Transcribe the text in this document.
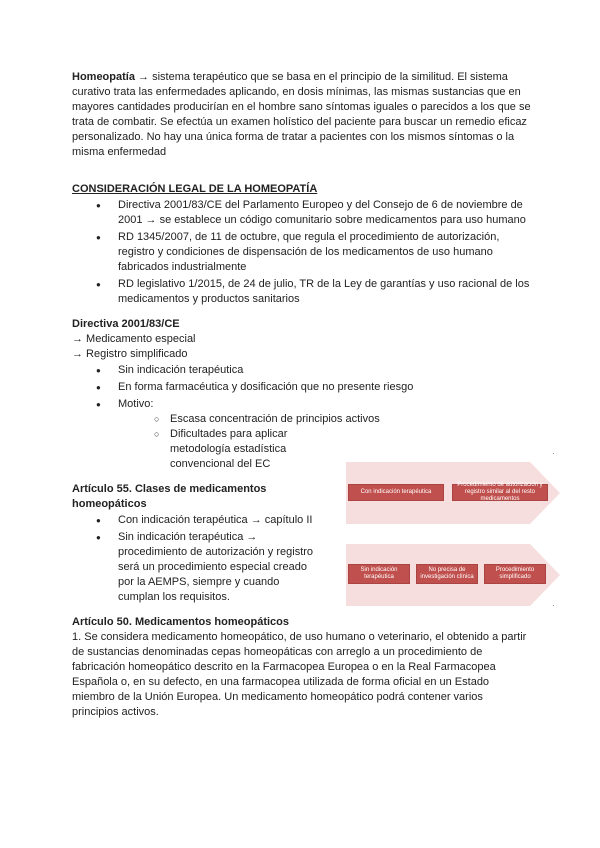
Homeopatía → sistema terapéutico que se basa en el principio de la similitud. El sistema curativo trata las enfermedades aplicando, en dosis mínimas, las mismas sustancias que en mayores cantidades producirían en el hombre sano síntomas iguales o parecidos a los que se trata de combatir. Se efectúa un examen holístico del paciente para buscar un remedio eficaz personalizado. No hay una única forma de tratar a pacientes con los mismos síntomas o la misma enfermedad

CONSIDERACIÓN LEGAL DE LA HOMEOPATÍA

● Directiva 2001/83/CE del Parlamento Europeo y del Consejo de 6 de noviembre de 2001 → se establece un código comunitario sobre medicamentos para uso humano
● RD 1345/2007, de 11 de octubre, que regula el procedimiento de autorización, registro y condiciones de dispensación de los medicamentos de uso humano fabricados industrialmente
● RD legislativo 1/2015, de 24 de julio, TR de la Ley de garantías y uso racional de los medicamentos y productos sanitarios

Directiva 2001/83/CE

→ Medicamento especial

→ Registro simplificado

● Sin indicación terapéutica
● En forma farmacéutica y dosificación que no presente riesgo
● Motivo:
○ Escasa concentración de principios activos
○ Dificultades para aplicar metodología estadística convencional del EC

Artículo 55. Clases de medicamentos homeopáticos

● Con indicación terapéutica → capítulo II
● Sin indicación terapéutica → procedimiento de autorización y registro será un procedimiento especial creado por la AEMPS, siempre y cuando cumplan los requisitos.

Artículo 50. Medicamentos homeopáticos

1. Se considera medicamento homeopático, de uso humano o veterinario, el obtenido a partir de sustancias denominadas cepas homeopáticas con arreglo a un procedimiento de fabricación homeopático descrito en la Farmacopea Europea o en la Real Farmacopea Española o, en su defecto, en una farmacopea utilizada de forma oficial en un Estado miembro de la Unión Europea. Un medicamento homeopático podrá contener varios principios activos.

·
Con indicación terapéutica
Procedimiento de autorización y registro similar al del resto medicamentos
Sin indicación terapéutica
No precisa de investigación clínica
Procedimiento simplificado
·
